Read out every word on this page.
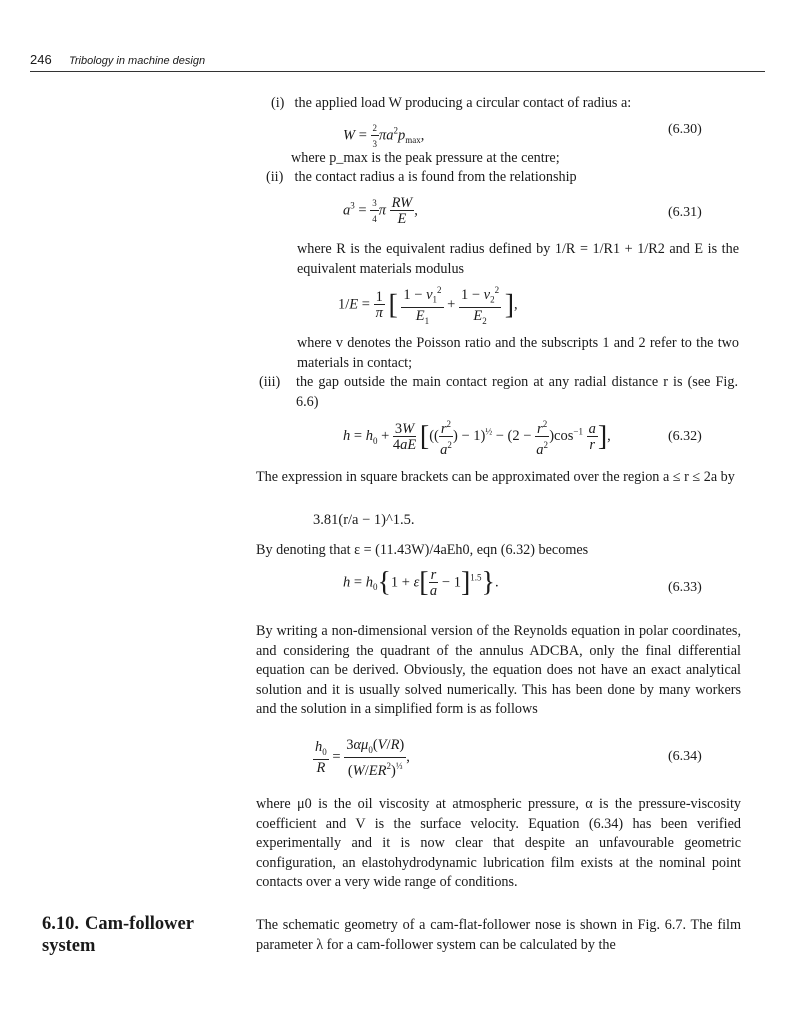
246 Tribology in machine design
(i) the applied load W producing a circular contact of radius a:
$W = \frac{2}{3} \pi a^2p_{max}$,	(6.30)
where p_max is the peak pressure at the centre;
(ii) the contact radius a is found from the relationship
$a^3 = \frac{3}{4}$ π $\frac{RW}{E}$ ,	(6.31)
where R is the equivalent radius defined by 1/R = 1/R1 + 1/R2 and E is the equivalent materials modulus
$1/E = \frac{1}{\pi}$ [ $\frac{1 - v_1^2}{E_1} + \frac{1 - v_2^2}{E_2}$ ],
where v denotes the Poisson ratio and the subscripts 1 and 2 refer to the two materials in contact;
(iii) the gap outside the main contact region at any radial distance r is (see Fig. 6.6)
$h = h_0 + \frac{3W}{4aE}$ [(( $\frac{r^2}{a^2}$ ) − $1)^{\frac{1}{2}} - (2 - \frac{r^2}{a^2} )\cos^{-1} \frac{a}{r}$ ],	(6.32)
The expression in square brackets can be approximated over the region a ≤ r ≤ 2a by
3.81(r/a − 1)^1.5.
By denoting that ε = (11.43W)/4aEh0, eqn (6.32) becomes
$h = h_0\{1 + \varepsilon[ \frac{r}{a} - 1]^{1.5}\}$.	(6.33)
By writing a non-dimensional version of the Reynolds equation in polar coordinates, and considering the quadrant of the annulus ADCBA, only the final differential equation can be derived. Obviously, the equation does not have an exact analytical solution and it is usually solved numerically. This has been done by many workers and the solution in a simplified form is as follows
$\frac{h_0}{R} = \frac{3\alpha\mu_0(V/R)}{(W/ER^2)^{\frac{1}{3}}}$ ,	(6.34)
where μ0 is the oil viscosity at atmospheric pressure, α is the pressure-viscosity coefficient and V is the surface velocity. Equation (6.34) has been verified experimentally and it is now clear that despite an unfavourable geometric configuration, an elastohydrodynamic lubrication film exists at the nominal point contacts over a very wide range of conditions.
6.10. Cam-follower
system
The schematic geometry of a cam-flat-follower nose is shown in Fig. 6.7. The film parameter λ for a cam-follower system can be calculated by the
